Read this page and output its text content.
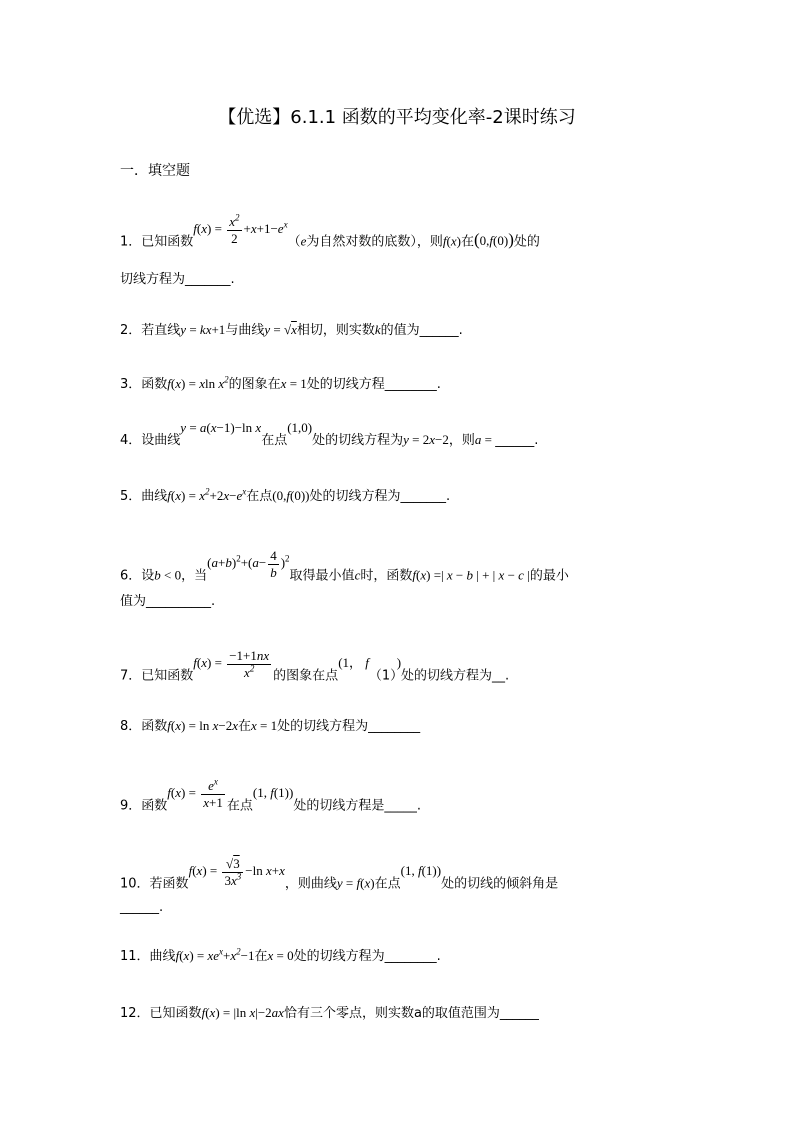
【优选】6.1.1 函数的平均变化率-2课时练习
一．填空题
1．已知函数$f(x) = \frac{x^2}{2} +x+1-e^x(e$为自然对数的底数），则f(x)在(0,f(0))处的
切线方程为_______.
2．若直线y = kx+1与曲线y = √x相切，则实数k的值为______.
3．函数f(x) = xln $x^2$的图象在x = 1处的切线方程________.
4．设曲线y = a(x−1)−ln x在点(1,0)处的切线方程为y = 2x−2，则a = ______.
5．曲线$f(x) = x^2+2x-e^x$在点(0,f(0))处的切线方程为_______.
6．设b < 0，当$(a+b)^2+(a- \frac{4}{b} )^2$取得最小值c时，函数f(x) =| x − b | + | x − c |的最小
值为__________.
7．已知函数$f(x) = \frac{-1+1nx}{x^2}$ 的图象在点(1， f（1）)处的切线方程为__.
8．函数f(x) = ln x−2x在x = 1处的切线方程为________
9．函数$f(x) = \frac{e^x}{x+1}$ 在点(1, f(1))处的切线方程是_____.
10．若函数$f(x) = \frac{√3}{3x^3} -\ln$ x+x，则曲线y = f(x)在点(1, f(1))处的切线的倾斜角是
______.
11．曲线$f(x) = xe^x+x^2-1$在x = 0处的切线方程为________.
12．已知函数f(x) = |ln x|−2ax恰有三个零点，则实数a的取值范围为______
